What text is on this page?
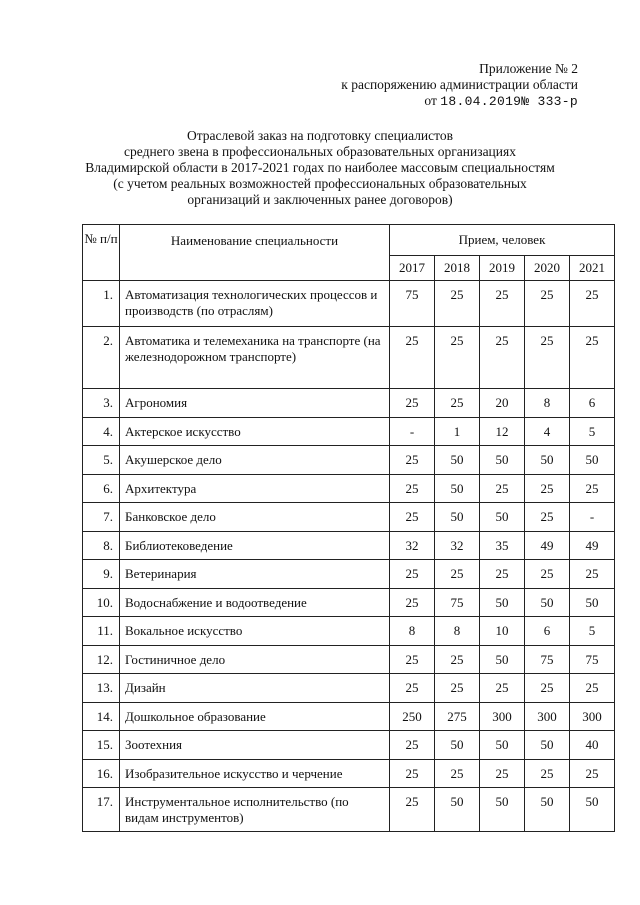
Приложение № 2
к распоряжению администрации области
от 18.04.2019№ 333-р
Отраслевой заказ на подготовку специалистов
среднего звена в профессиональных образовательных организациях
Владимирской области в 2017-2021 годах по наиболее массовым специальностям
(с учетом реальных возможностей профессиональных образовательных
организаций и заключенных ранее договоров)
№ п/п	Наименование специальности	Прием, человек				
		2017	2018	2019	2020	2021
1.	Автоматизация технологических процессов и производств (по отраслям)	75	25	25	25	25
2.	Автоматика и телемеханика на транспорте (на железнодорожном транспорте)	25	25	25	25	25
3.	Агрономия	25	25	20	8	6
4.	Актерское искусство	-	1	12	4	5
5.	Акушерское дело	25	50	50	50	50
6.	Архитектура	25	50	25	25	25
7.	Банковское дело	25	50	50	25	-
8.	Библиотековедение	32	32	35	49	49
9.	Ветеринария	25	25	25	25	25
10.	Водоснабжение и водоотведение	25	75	50	50	50
11.	Вокальное искусство	8	8	10	6	5
12.	Гостиничное дело	25	25	50	75	75
13.	Дизайн	25	25	25	25	25
14.	Дошкольное образование	250	275	300	300	300
15.	Зоотехния	25	50	50	50	40
16.	Изобразительное искусство и черчение	25	25	25	25	25
17.	Инструментальное исполнительство (по видам инструментов)	25	50	50	50	50
